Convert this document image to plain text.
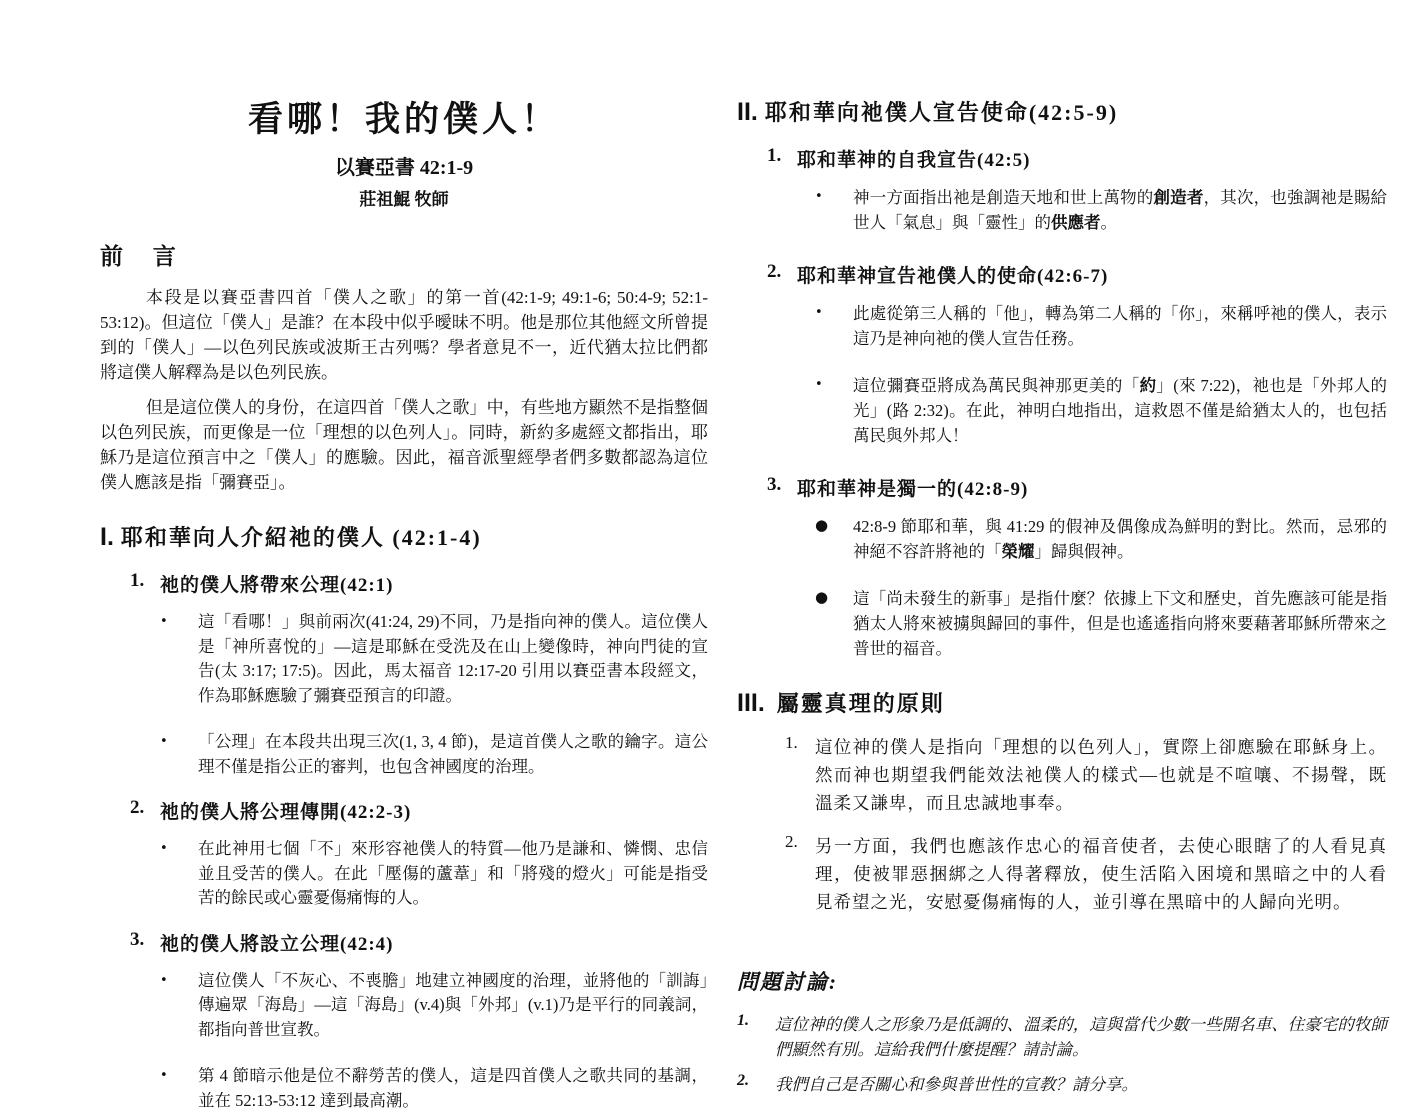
看哪！我的僕人！
以賽亞書 42:1-9
莊祖鯤 牧師
前 言

本段是以賽亞書四首「僕人之歌」的第一首(42:1-9; 49:1-6; 50:4-9; 52:1-53:12)。但這位「僕人」是誰？在本段中似乎曖昧不明。他是那位其他經文所曾提到的「僕人」—以色列民族或波斯王古列嗎？學者意見不一，近代猶太拉比們都將這僕人解釋為是以色列民族。

但是這位僕人的身份，在這四首「僕人之歌」中，有些地方顯然不是指整個以色列民族，而更像是一位「理想的以色列人」。同時，新約多處經文都指出，耶穌乃是這位預言中之「僕人」的應驗。因此，福音派聖經學者們多數都認為這位僕人應該是指「彌賽亞」。

I. 耶和華向人介紹祂的僕人 (42:1-4)
1. 祂的僕人將帶來公理(42:1)
•	這「看哪！」與前兩次(41:24, 29)不同，乃是指向神的僕人。這位僕人是「神所喜悅的」—這是耶穌在受洗及在山上變像時，神向門徒的宣告(太 3:17; 17:5)。因此，馬太福音 12:17-20 引用以賽亞書本段經文，作為耶穌應驗了彌賽亞預言的印證。
•	「公理」在本段共出現三次(1, 3, 4 節)，是這首僕人之歌的鑰字。這公理不僅是指公正的審判，也包含神國度的治理。
2. 祂的僕人將公理傳開(42:2-3)
•	在此神用七個「不」來形容祂僕人的特質—他乃是謙和、憐憫、忠信並且受苦的僕人。在此「壓傷的蘆葦」和「將殘的燈火」可能是指受苦的餘民或心靈憂傷痛悔的人。
3. 祂的僕人將設立公理(42:4)
•	這位僕人「不灰心、不喪膽」地建立神國度的治理，並將他的「訓誨」傳遍眾「海島」—這「海島」(v.4)與「外邦」(v.1)乃是平行的同義詞，都指向普世宣教。
•	第 4 節暗示他是位不辭勞苦的僕人，這是四首僕人之歌共同的基調，並在 52:13-53:12 達到最高潮。
II. 耶和華向祂僕人宣告使命(42:5-9)
1. 耶和華神的自我宣告(42:5)
•	神一方面指出祂是創造天地和世上萬物的創造者，其次，也強調祂是賜給世人「氣息」與「靈性」的供應者。
2. 耶和華神宣告祂僕人的使命(42:6-7)
•	此處從第三人稱的「他」，轉為第二人稱的「你」，來稱呼祂的僕人，表示這乃是神向祂的僕人宣告任務。
•	這位彌賽亞將成為萬民與神那更美的「約」(來 7:22)，祂也是「外邦人的光」(路 2:32)。在此，神明白地指出，這救恩不僅是給猶太人的，也包括萬民與外邦人！
3. 耶和華神是獨一的(42:8-9)
●	42:8-9 節耶和華，與 41:29 的假神及偶像成為鮮明的對比。然而，忌邪的神絕不容許將祂的「榮耀」歸與假神。
●	這「尚未發生的新事」是指什麼？依據上下文和歷史，首先應該可能是指猶太人將來被擄與歸回的事件，但是也遙遙指向將來要藉著耶穌所帶來之普世的福音。
III. 屬靈真理的原則
1. 這位神的僕人是指向「理想的以色列人」，實際上卻應驗在耶穌身上。然而神也期望我們能效法祂僕人的樣式—也就是不喧嚷、不揚聲，既溫柔又謙卑，而且忠誠地事奉。
2. 另一方面，我們也應該作忠心的福音使者，去使心眼瞎了的人看見真理，使被罪惡捆綁之人得著釋放，使生活陷入困境和黑暗之中的人看見希望之光，安慰憂傷痛悔的人，並引導在黑暗中的人歸向光明。
問題討論:
1.	這位神的僕人之形象乃是低調的、溫柔的，這與當代少數一些開名車、住豪宅的牧師們顯然有別。這給我們什麼提醒？請討論。
2.	我們自己是否關心和參與普世性的宣教？請分享。
